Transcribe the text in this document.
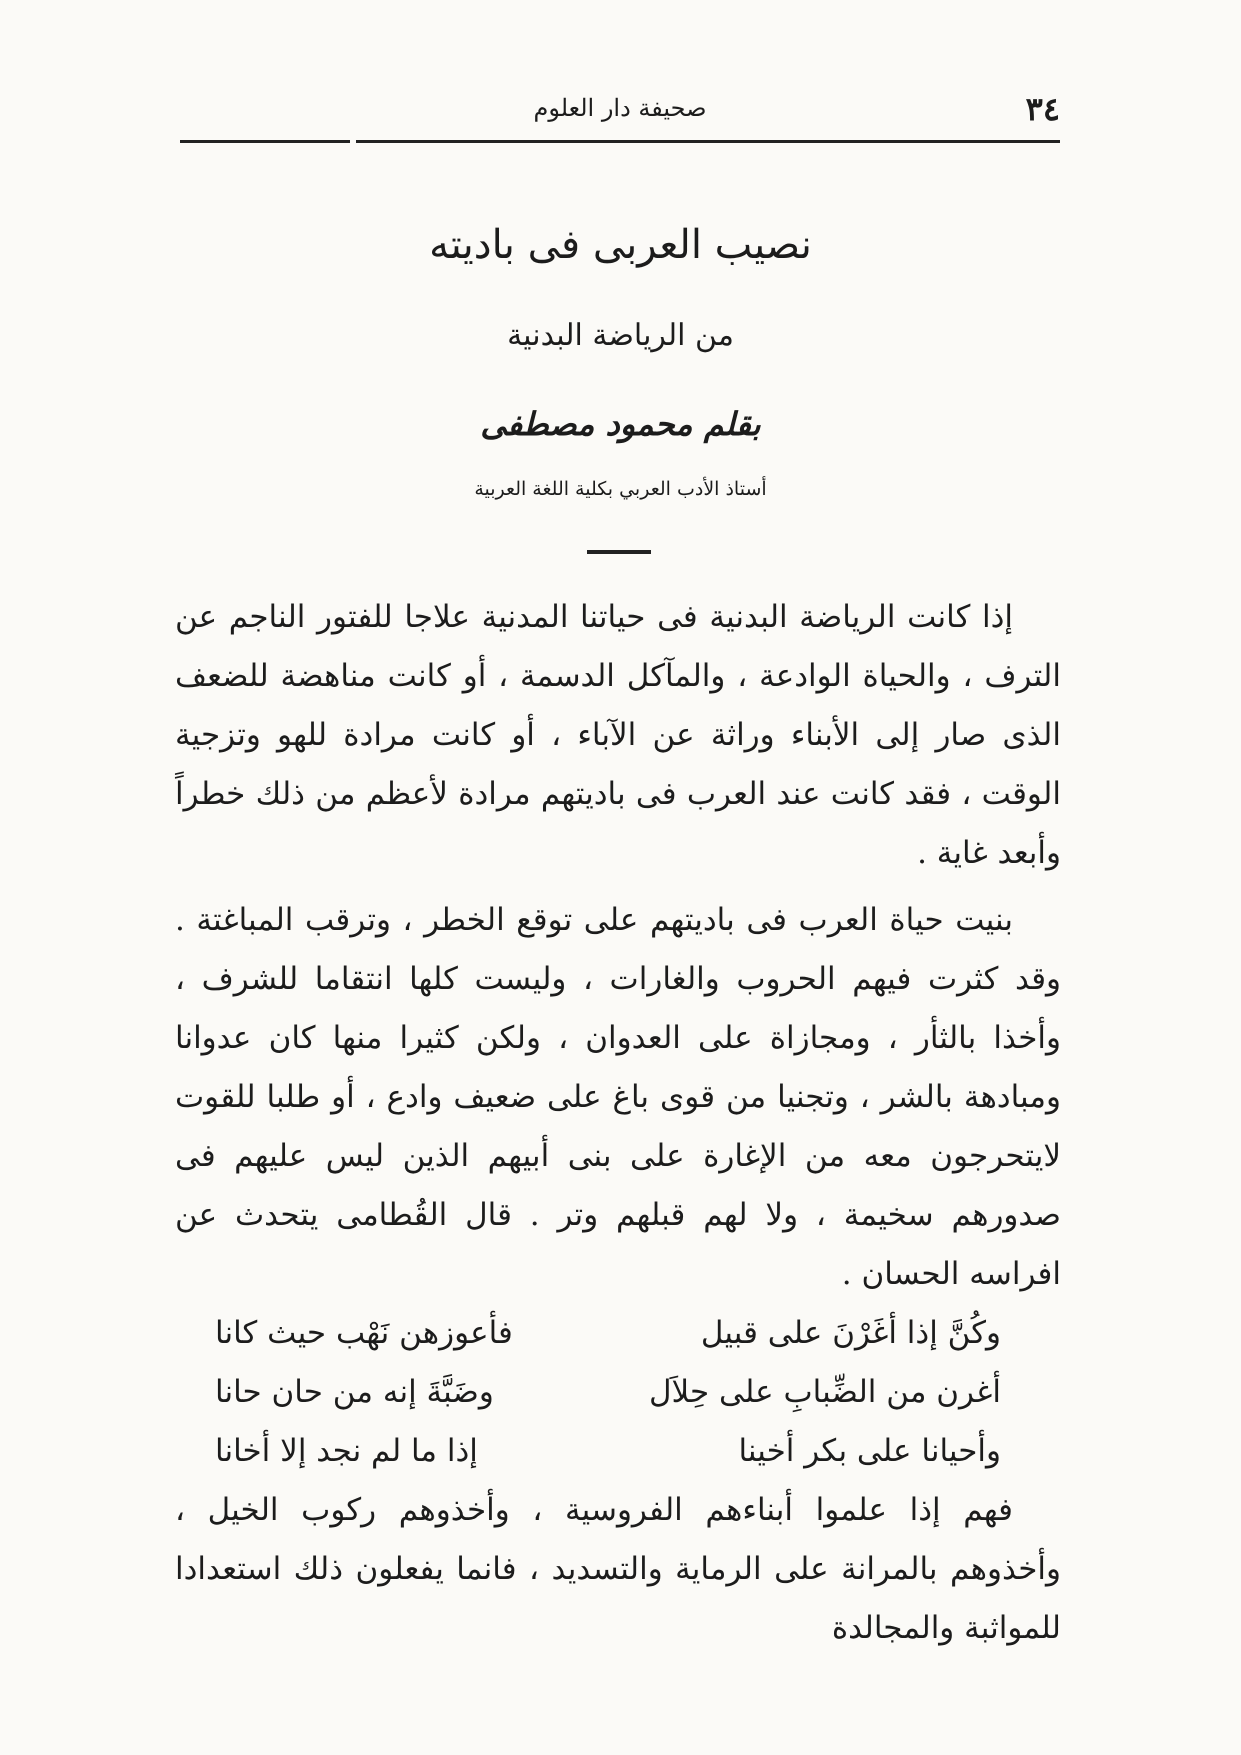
٣٤
صحيفة دار العلوم
نصيب العربى فى باديته
من الرياضة البدنية
بقلم محمود مصطفى
أستاذ الأدب العربي بكلية اللغة العربية

إذا كانت الرياضة البدنية فى حياتنا المدنية علاجا للفتور الناجم عن الترف ، والحياة الوادعة ، والمآكل الدسمة ، أو كانت مناهضة للضعف الذى صار إلى الأبناء وراثة عن الآباء ، أو كانت مرادة للهو وتزجية الوقت ، فقد كانت عند العرب فى باديتهم مرادة لأعظم من ذلك خطراً وأبعد غاية .

بنيت حياة العرب فى باديتهم على توقع الخطر ، وترقب المباغتة . وقد كثرت فيهم الحروب والغارات ، وليست كلها انتقاما للشرف ، وأخذا بالثأر ، ومجازاة على العدوان ، ولكن كثيرا منها كان عدوانا ومبادهة بالشر ، وتجنيا من قوى باغ على ضعيف وادع ، أو طلبا للقوت لايتحرجون معه من الإغارة على بنى أبيهم الذين ليس عليهم فى صدورهم سخيمة ، ولا لهم قبلهم وتر . قال القُطامى يتحدث عن افراسه الحسان .

وكُنَّ إذا أغَرْنَ على قبيل
فأعوزهن نَهْب حيث كانا
أغرن من الضِّبابِ على حِلاَل
وضَبَّةَ إنه من حان حانا
وأحيانا على بكر أخينا
إذا ما لم نجد إلا أخانا

فهم إذا علموا أبناءهم الفروسية ، وأخذوهم ركوب الخيل ، وأخذوهم بالمرانة على الرماية والتسديد ، فانما يفعلون ذلك استعدادا للمواثبة والمجالدة
